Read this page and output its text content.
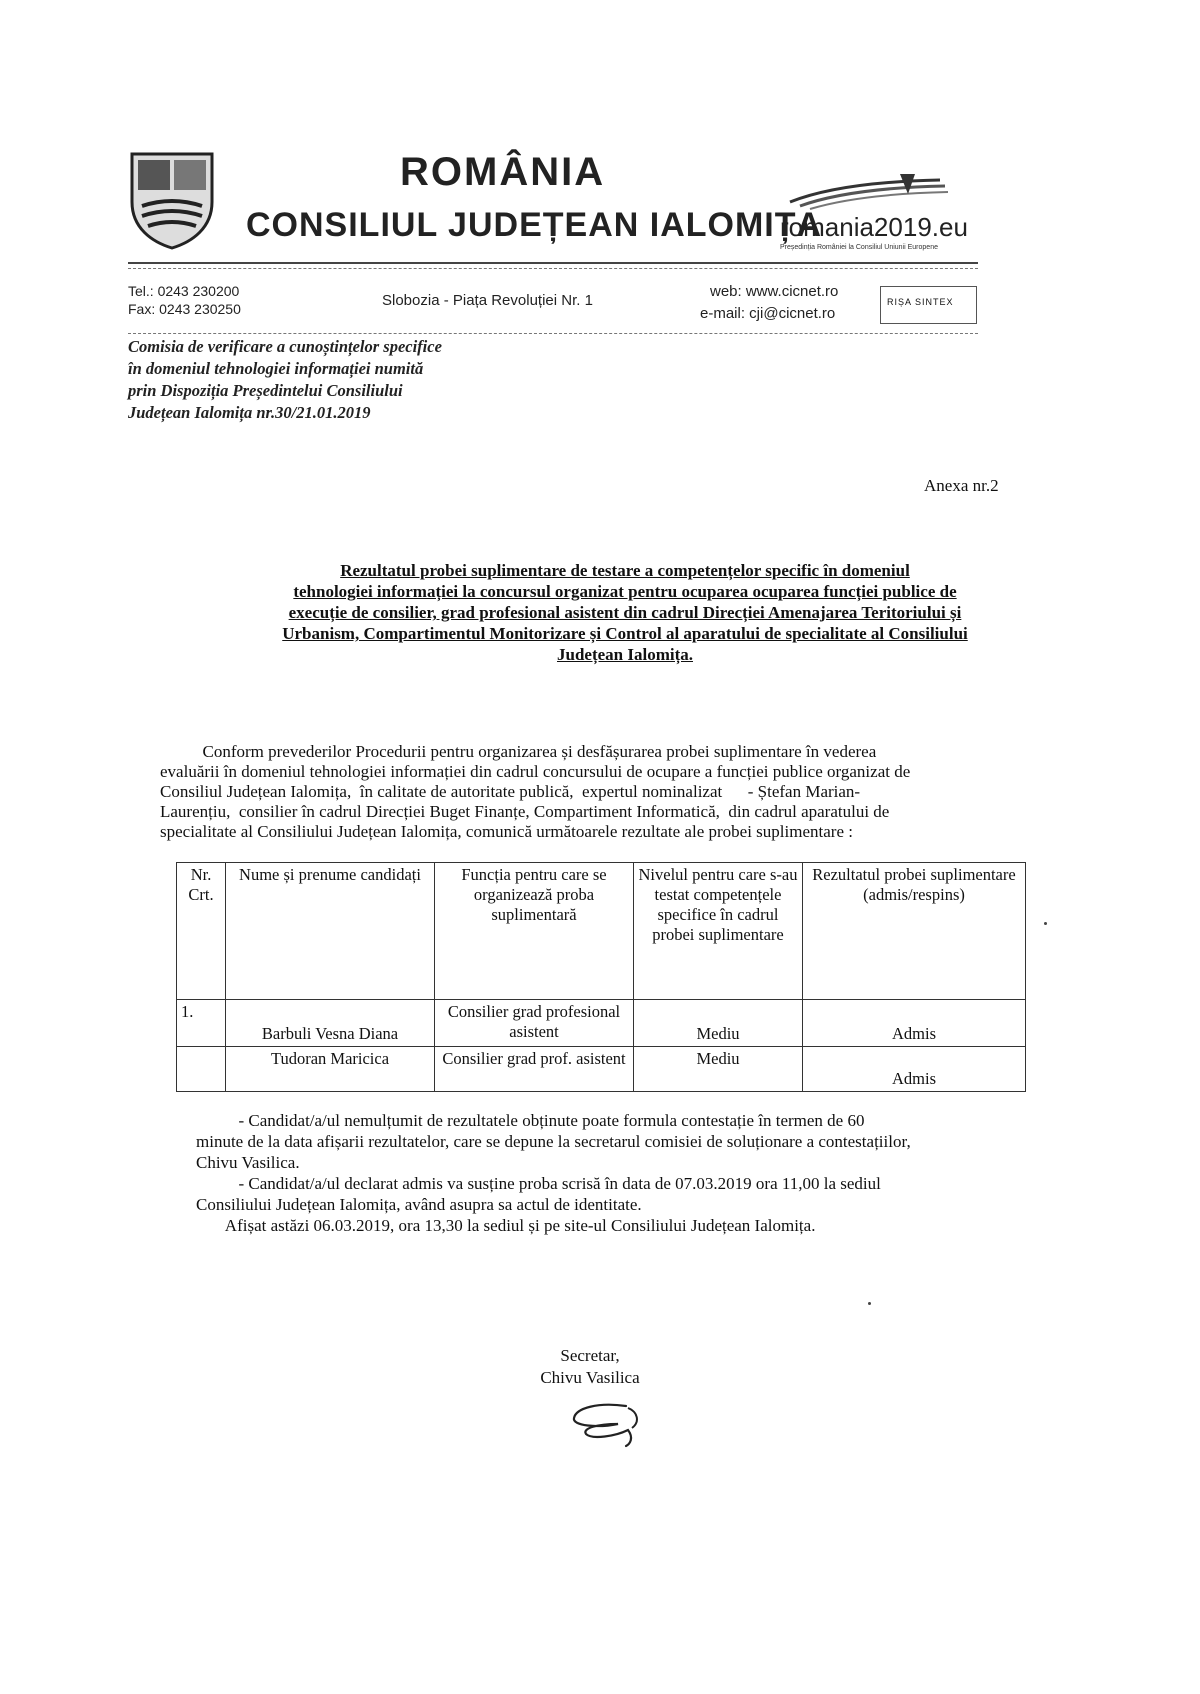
ROMÂNIA
CONSILIUL JUDEȚEAN IALOMIȚA
romania2019.eu
Președinția României la Consiliul Uniunii Europene
Tel.: 0243 230200
Fax: 0243 230250	Slobozia - Piața Revoluției Nr. 1
web: www.cicnet.ro
e-mail: cji@cicnet.ro
RIȘA SINTEX
Comisia de verificare a cunoștințelor specifice
în domeniul tehnologiei informației numită
prin Dispoziția Președintelui Consiliului
Județean Ialomița nr.30/21.01.2019
Anexa nr.2
Rezultatul probei suplimentare de testare a competențelor specific în domeniul
tehnologiei informației la concursul organizat pentru ocuparea ocuparea funcției publice de
execuție de consilier, grad profesional asistent din cadrul Direcției Amenajarea Teritoriului și
Urbanism, Compartimentul Monitorizare și Control al aparatului de specialitate al Consiliului
Județean Ialomița.
Conform prevederilor Procedurii pentru organizarea și desfășurarea probei suplimentare în vederea
evaluării în domeniul tehnologiei informației din cadrul concursului de ocupare a funcției publice organizat de
Consiliul Județean Ialomița,  în calitate de autoritate publică,  expertul nominalizat      - Ștefan Marian-
Laurențiu,  consilier în cadrul Direcției Buget Finanțe, Compartiment Informatică,  din cadrul aparatului de
specialitate al Consiliului Județean Ialomița, comunică următoarele rezultate ale probei suplimentare :
Nr. Crt.	Nume și prenume candidați	Funcția pentru care se organizează proba suplimentară	Nivelul pentru care s-au testat competențele specifice în cadrul probei suplimentare	Rezultatul probei suplimentare (admis/respins)
1.	Barbuli Vesna Diana	Consilier grad profesional asistent	Mediu	Admis
	Tudoran Maricica	Consilier grad prof. asistent	Mediu	Admis
- Candidat/a/ul nemulțumit de rezultatele obținute poate formula contestație în termen de 60
minute de la data afișarii rezultatelor, care se depune la secretarul comisiei de soluționare a contestațiilor,
Chivu Vasilica.
- Candidat/a/ul declarat admis va susține proba scrisă în data de 07.03.2019 ora 11,00 la sediul
Consiliului Județean Ialomița, având asupra sa actul de identitate.
Afișat astăzi 06.03.2019, ora 13,30 la sediul și pe site-ul Consiliului Județean Ialomița.
Secretar,
Chivu Vasilica
